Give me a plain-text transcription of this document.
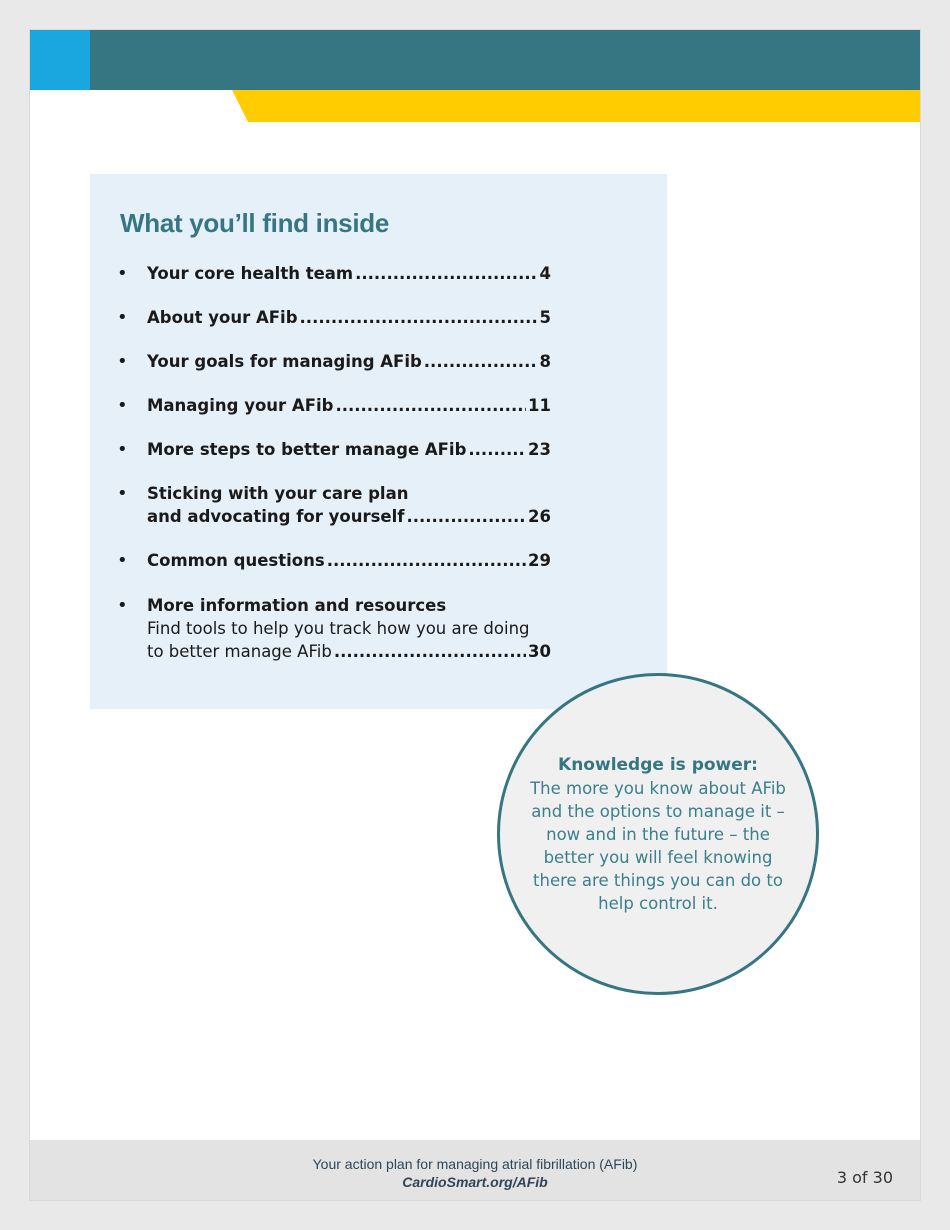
What you’ll find inside
• Your core health team .....	4
• About your AFib .....	5
• Your goals for managing AFib .....	8
• Managing your AFib .....	11
• More steps to better manage AFib .....	23
• Sticking with your care plan
and advocating for yourself .....	26
• Common questions .....	29
• More information and resources
Find tools to help you track how you are doing
to better manage AFib .....	30
Knowledge is power:
The more you know about AFib and the options to manage it – now and in the future – the better you will feel knowing there are things you can do to help control it.
Your action plan for managing atrial fibrillation (AFib)
CardioSmart.org/AFib	3 of 30
